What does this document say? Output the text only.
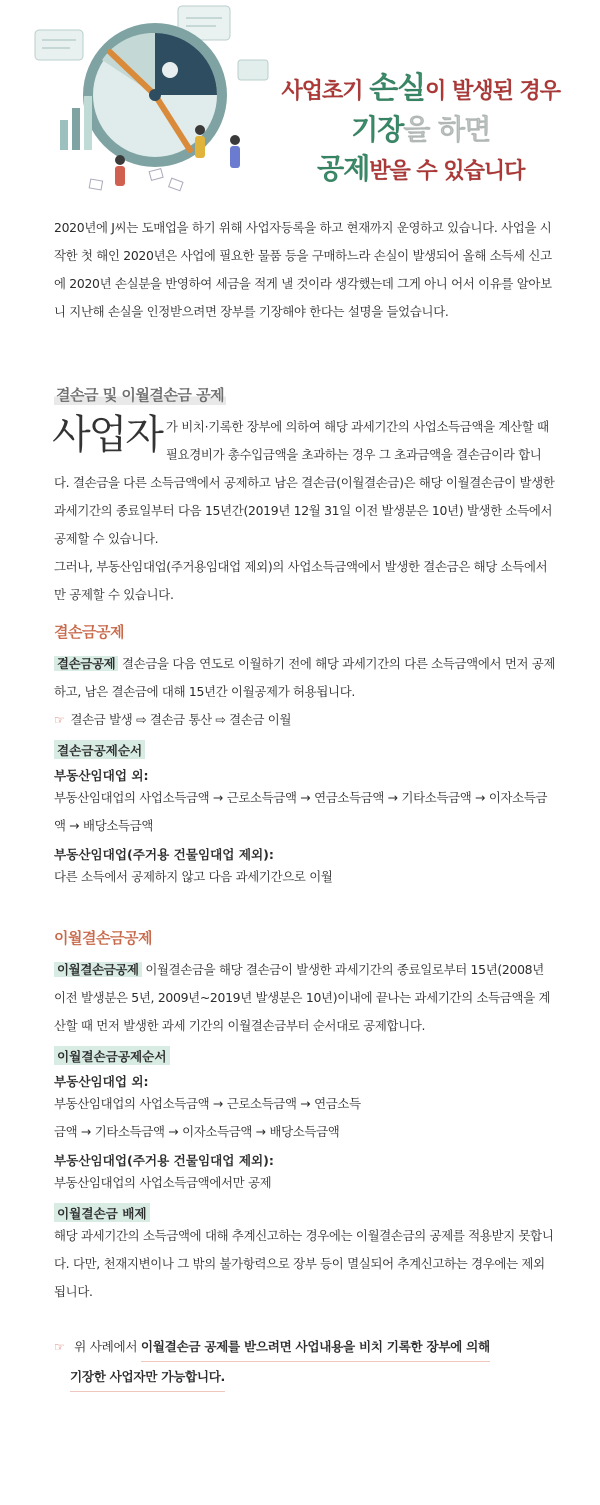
사업초기 손실이 발생된 경우
기장을 하면
공제받을 수 있습니다

2020년에 J씨는 도매업을 하기 위해 사업자등록을 하고 현재까지 운영하고 있습니다. 사업을 시작한 첫 해인 2020년은 사업에 필요한 물품 등을 구매하느라 손실이 발생되어 올해 소득세 신고에 2020년 손실분을 반영하여 세금을 적게 낼 것이라 생각했는데 그게 아니 어서 이유를 알아보니 지난해 손실을 인정받으려면 장부를 기장해야 한다는 설명을 들었습니다.

결손금 및 이월결손금 공제
사업자 가 비치·기록한 장부에 의하여 해당 과세기간의 사업소득금액을 계산할 때 필요경비가 총수입금액을 초과하는 경우 그 초과금액을 결손금이라 합니다. 결손금을 다른 소득금액에서 공제하고 남은 결손금(이월결손금)은 해당 이월결손금이 발생한 과세기간의 종료일부터 다음 15년간(2019년 12월 31일 이전 발생분은 10년) 발생한 소득에서 공제할 수 있습니다.
그러나, 부동산임대업(주거용임대업 제외)의 사업소득금액에서 발생한 결손금은 해당 소득에서만 공제할 수 있습니다.
결손금공제
결손금공제 결손금을 다음 연도로 이월하기 전에 해당 과세기간의 다른 소득금액에서 먼저 공제하고, 남은 결손금에 대해 15년간 이월공제가 허용됩니다.
☞ 결손금 발생 ⇨ 결손금 통산 ⇨ 결손금 이월
결손금공제순서
부동산임대업 외:
부동산임대업의 사업소득금액 → 근로소득금액 → 연금소득금액 → 기타소득금액 → 이자소득금액 → 배당소득금액
부동산임대업(주거용 건물임대업 제외):
다른 소득에서 공제하지 않고 다음 과세기간으로 이월
이월결손금공제
이월결손금공제 이월결손금을 해당 결손금이 발생한 과세기간의 종료일로부터 15년(2008년 이전 발생분은 5년, 2009년~2019년 발생분은 10년)이내에 끝나는 과세기간의 소득금액을 계산할 때 먼저 발생한 과세 기간의 이월결손금부터 순서대로 공제합니다.
이월결손금공제순서
부동산임대업 외:
부동산임대업의 사업소득금액 → 근로소득금액 → 연금소득
금액 → 기타소득금액 → 이자소득금액 → 배당소득금액
부동산임대업(주거용 건물임대업 제외):
부동산임대업의 사업소득금액에서만 공제
이월결손금 배제
해당 과세기간의 소득금액에 대해 추계신고하는 경우에는 이월결손금의 공제를 적용받지 못합니다. 다만, 천재지변이나 그 밖의 불가항력으로 장부 등이 멸실되어 추계신고하는 경우에는 제외됩니다.
☞ 위 사례에서 이월결손금 공제를 받으려면 사업내용을 비치 기록한 장부에 의해
기장한 사업자만 가능합니다.
